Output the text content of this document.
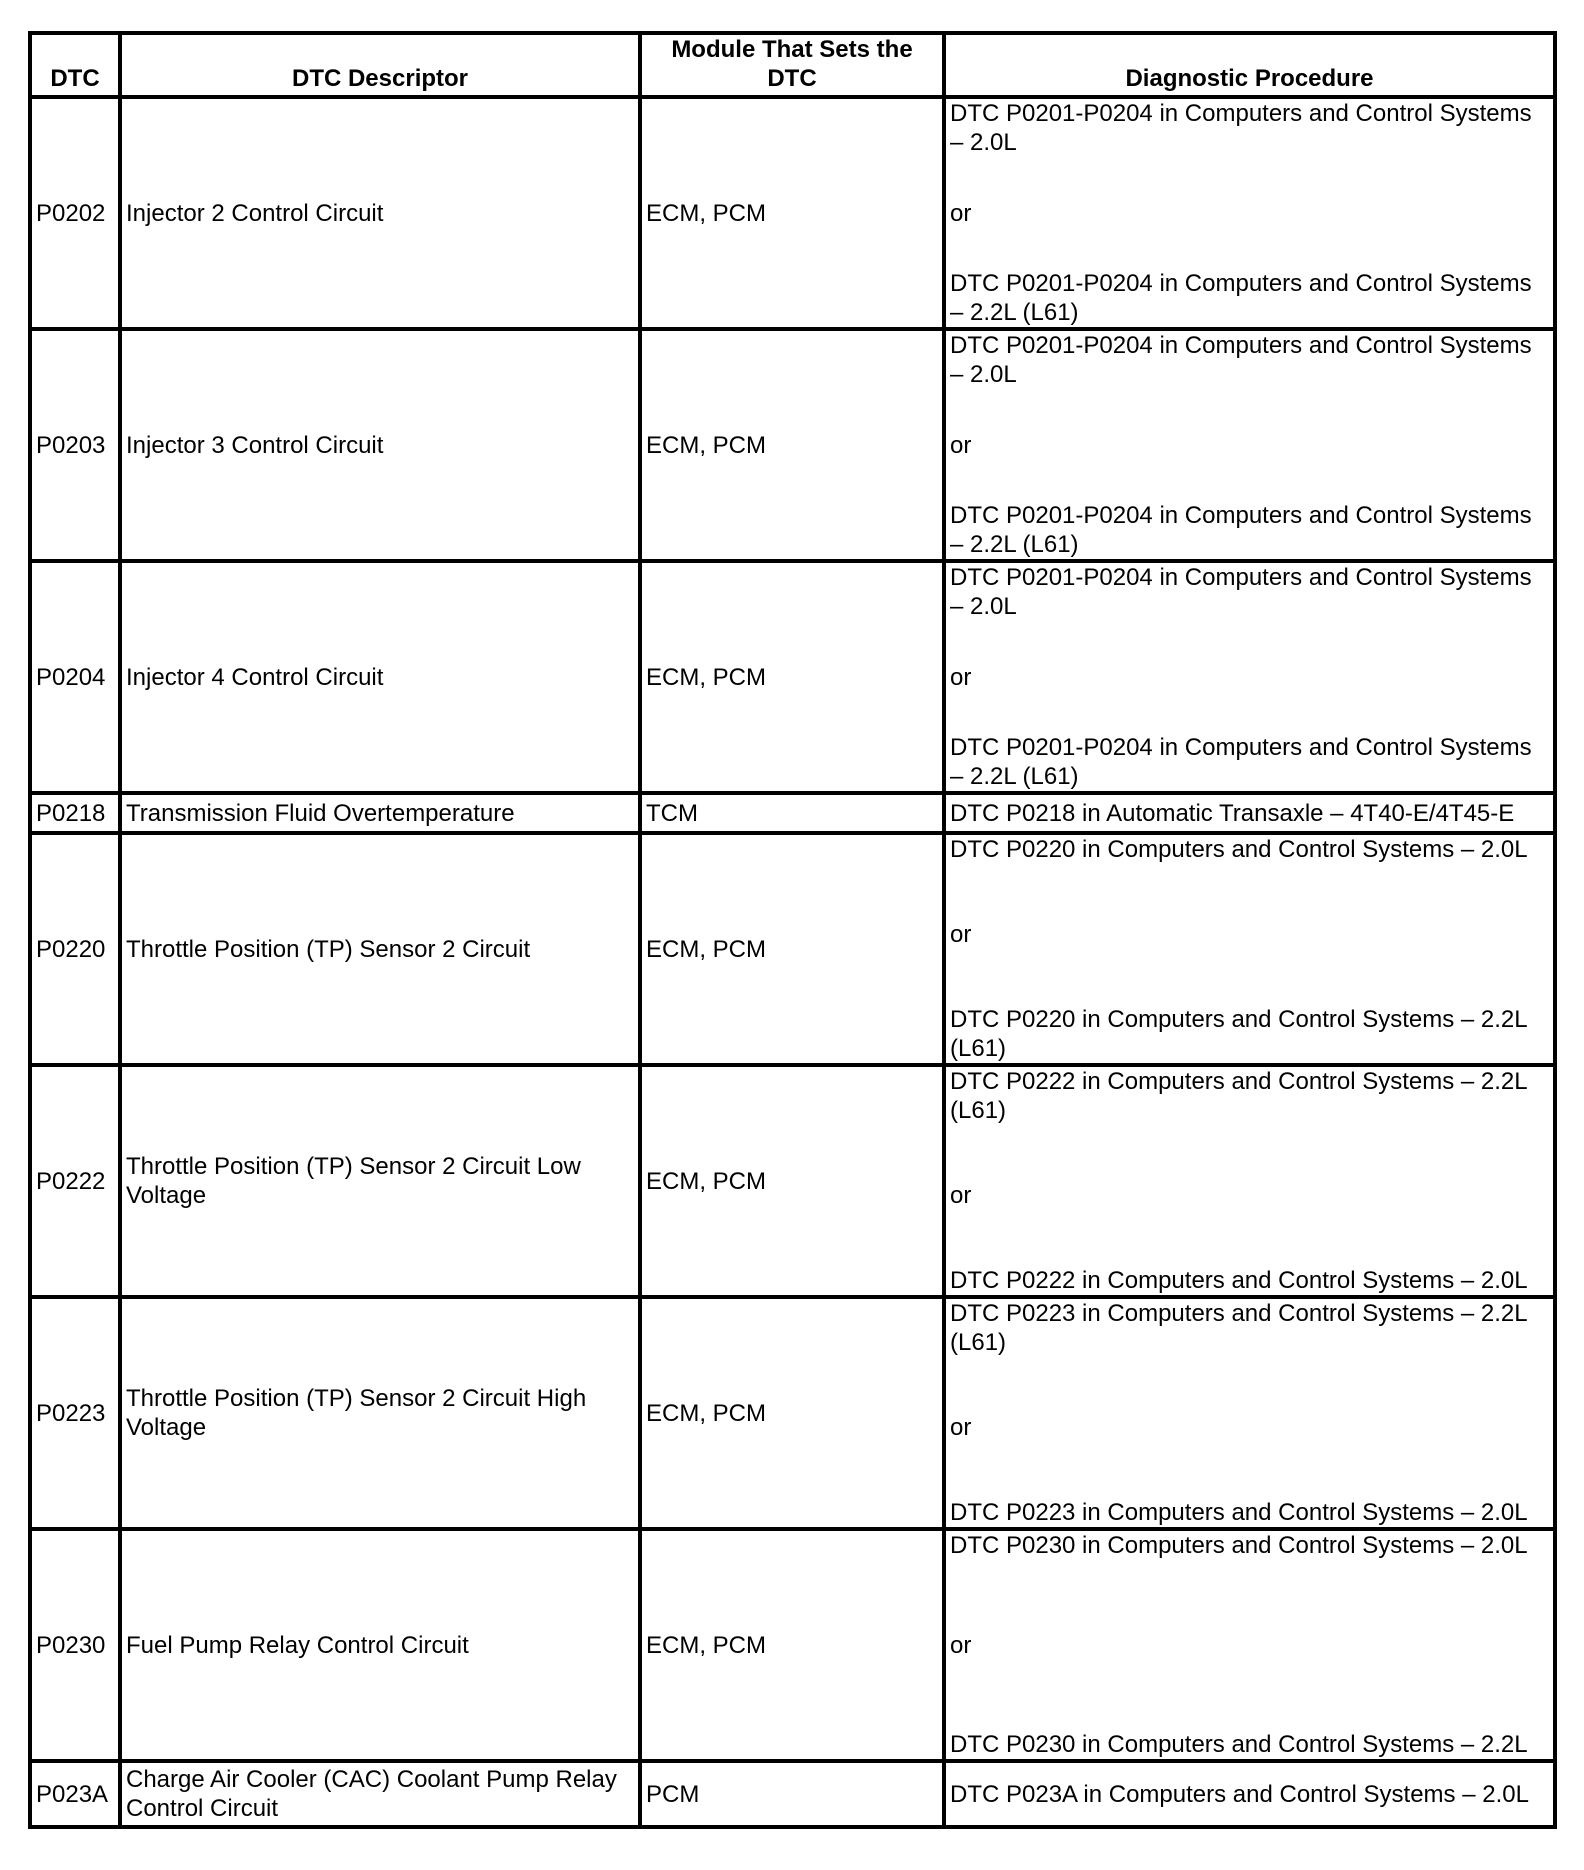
DTC	DTC Descriptor	Module That Sets the DTC	Diagnostic Procedure
P0202	Injector 2 Control Circuit	ECM, PCM	DTC P0201-P0204 in Computers and Control Systems – 2.0L
or
DTC P0201-P0204 in Computers and Control Systems – 2.2L (L61)

P0203	Injector 3 Control Circuit	ECM, PCM	DTC P0201-P0204 in Computers and Control Systems – 2.0L
or
DTC P0201-P0204 in Computers and Control Systems – 2.2L (L61)

P0204	Injector 4 Control Circuit	ECM, PCM	DTC P0201-P0204 in Computers and Control Systems – 2.0L
or
DTC P0201-P0204 in Computers and Control Systems – 2.2L (L61)

P0218	Transmission Fluid Overtemperature	TCM	DTC P0218 in Automatic Transaxle – 4T40-E/4T45-E
P0220	Throttle Position (TP) Sensor 2 Circuit	ECM, PCM	DTC P0220 in Computers and Control Systems – 2.0L
or
DTC P0220 in Computers and Control Systems – 2.2L (L61)

P0222	Throttle Position (TP) Sensor 2 Circuit Low Voltage	ECM, PCM	DTC P0222 in Computers and Control Systems – 2.2L (L61)
or
DTC P0222 in Computers and Control Systems – 2.0L

P0223	Throttle Position (TP) Sensor 2 Circuit High Voltage	ECM, PCM	DTC P0223 in Computers and Control Systems – 2.2L (L61)
or
DTC P0223 in Computers and Control Systems – 2.0L

P0230	Fuel Pump Relay Control Circuit	ECM, PCM	DTC P0230 in Computers and Control Systems – 2.0L
or
DTC P0230 in Computers and Control Systems – 2.2L

P023A	Charge Air Cooler (CAC) Coolant Pump Relay Control Circuit	PCM	DTC P023A in Computers and Control Systems – 2.0L
